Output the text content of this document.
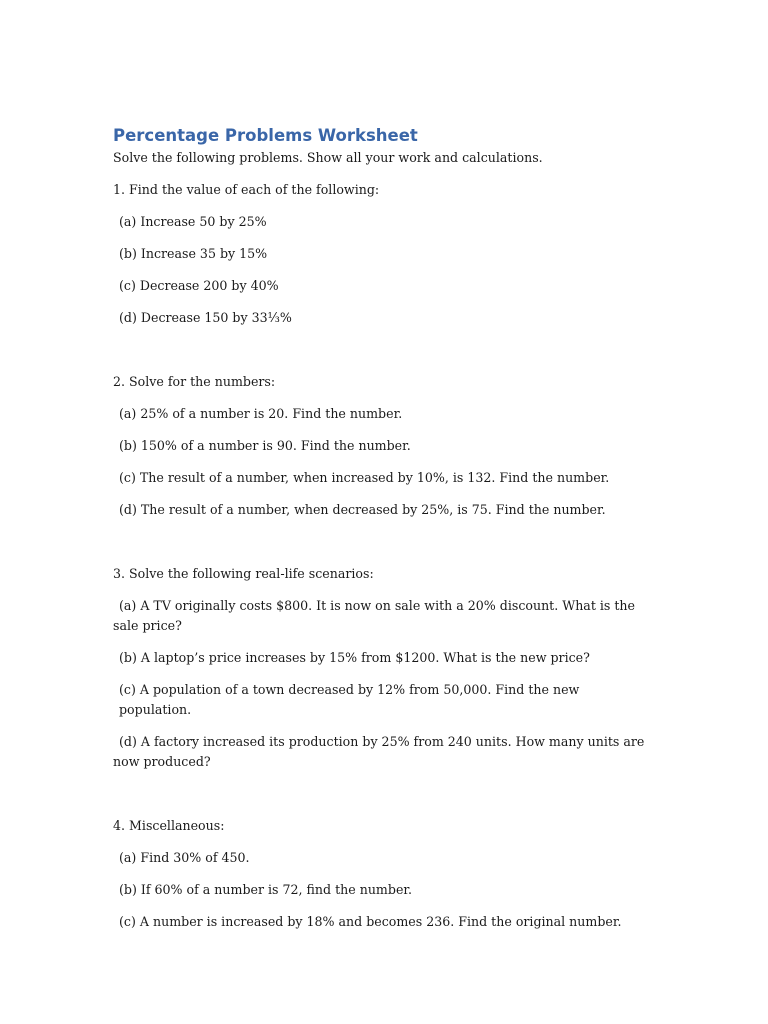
Percentage Problems Worksheet

Solve the following problems. Show all your work and calculations.

1. Find the value of each of the following:

(a) Increase 50 by 25%

(b) Increase 35 by 15%

(c) Decrease 200 by 40%

(d) Decrease 150 by 33⅓%

2. Solve for the numbers:

(a) 25% of a number is 20. Find the number.

(b) 150% of a number is 90. Find the number.

(c) The result of a number, when increased by 10%, is 132. Find the number.

(d) The result of a number, when decreased by 25%, is 75. Find the number.

3. Solve the following real-life scenarios:

(a) A TV originally costs $800. It is now on sale with a 20% discount. What is the sale price?

(b) A laptop’s price increases by 15% from $1200. What is the new price?

(c) A population of a town decreased by 12% from 50,000. Find the new population.

(d) A factory increased its production by 25% from 240 units. How many units are now produced?

4. Miscellaneous:

(a) Find 30% of 450.

(b) If 60% of a number is 72, find the number.

(c) A number is increased by 18% and becomes 236. Find the original number.
